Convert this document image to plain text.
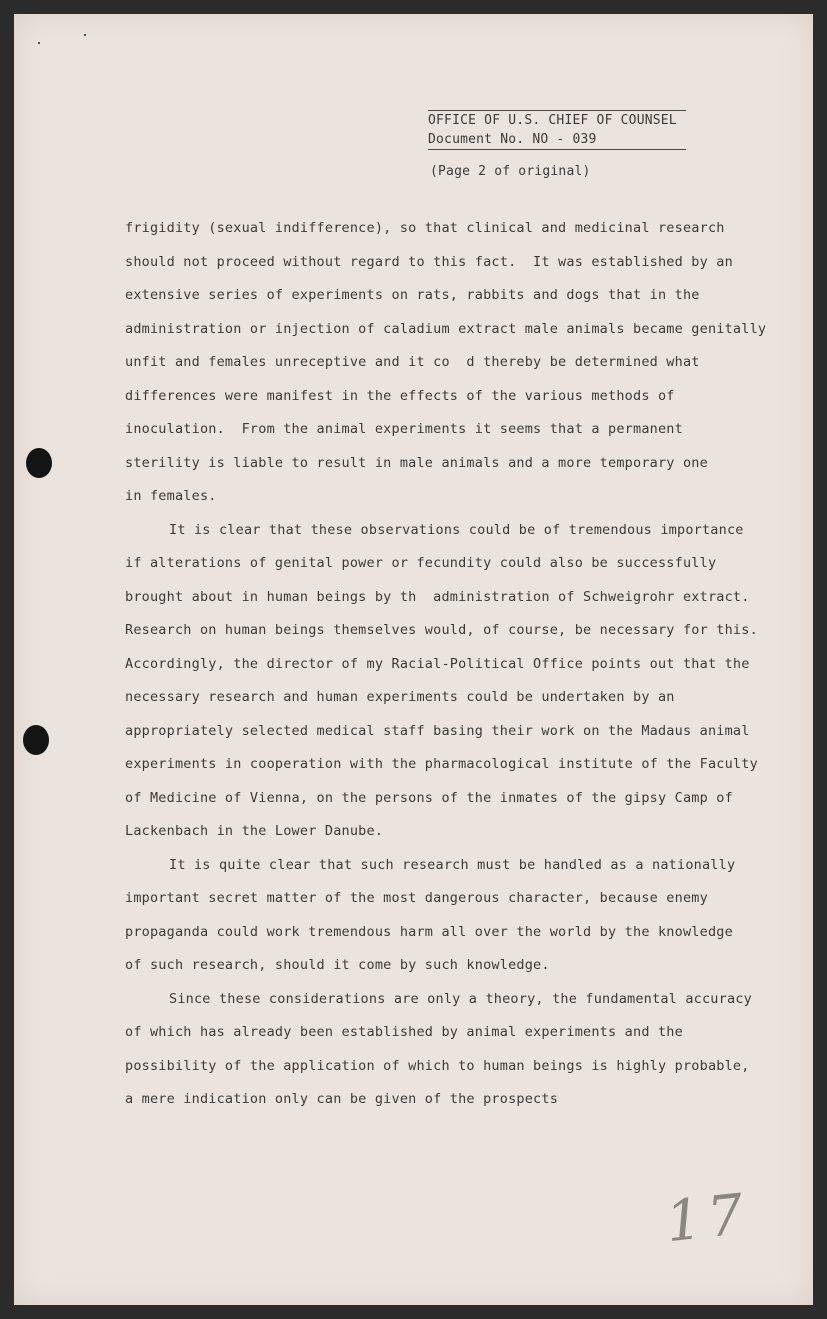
OFFICE OF U.S. CHIEF OF COUNSEL
Document No. NO - 039
(Page 2 of original)
frigidity (sexual indifference), so that clinical and medicinal research
should not proceed without regard to this fact.  It was established by an
extensive series of experiments on rats, rabbits and dogs that in the
administration or injection of caladium extract male animals became genitally
unfit and females unreceptive and it co  d thereby be determined what
differences were manifest in the effects of the various methods of
inoculation.  From the animal experiments it seems that a permanent
sterility is liable to result in male animals and a more temporary one
in females.
It is clear that these observations could be of tremendous importance
if alterations of genital power or fecundity could also be successfully
brought about in human beings by th  administration of Schweigrohr extract.
Research on human beings themselves would, of course, be necessary for this.
Accordingly, the director of my Racial-Political Office points out that the
necessary research and human experiments could be undertaken by an
appropriately selected medical staff basing their work on the Madaus animal
experiments in cooperation with the pharmacological institute of the Faculty
of Medicine of Vienna, on the persons of the inmates of the gipsy Camp of
Lackenbach in the Lower Danube.
It is quite clear that such research must be handled as a nationally
important secret matter of the most dangerous character, because enemy
propaganda could work tremendous harm all over the world by the knowledge
of such research, should it come by such knowledge.
Since these considerations are only a theory, the fundamental accuracy
of which has already been established by animal experiments and the
possibility of the application of which to human beings is highly probable,
a mere indication only can be given of the prospects
17
